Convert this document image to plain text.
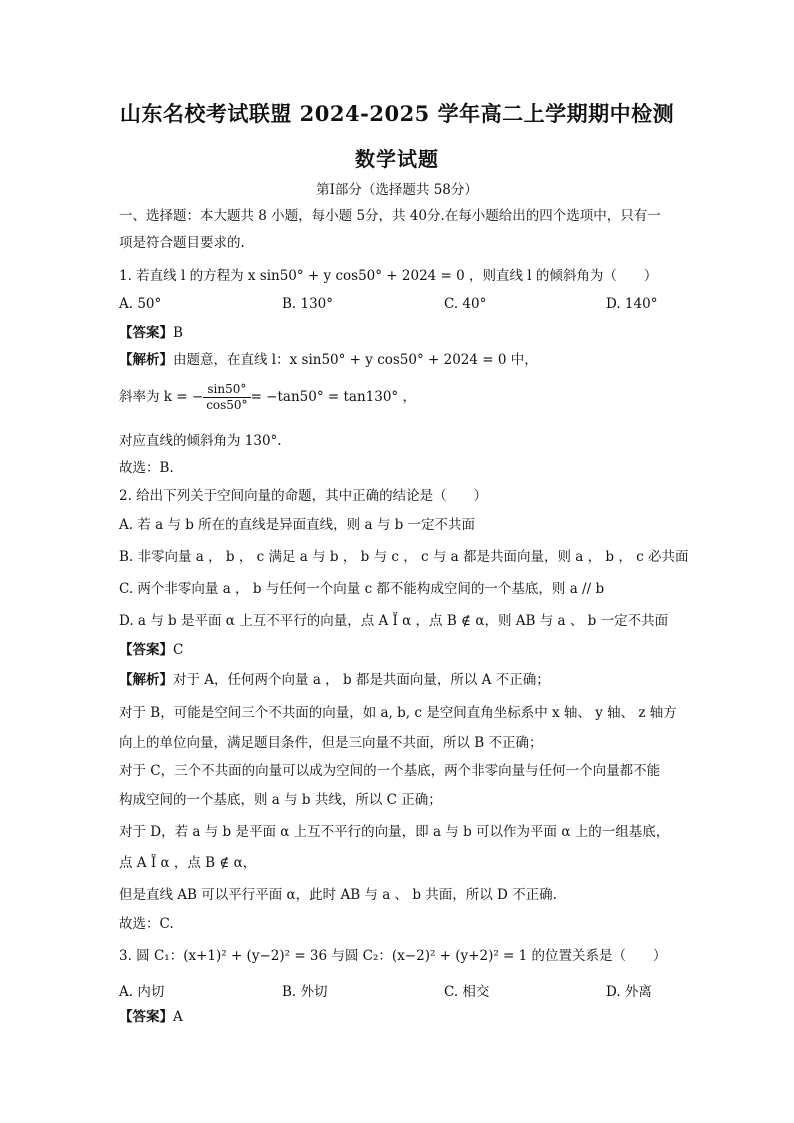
山东名校考试联盟 2024-2025 学年高二上学期期中检测
数学试题
第I部分（选择题共 58分）
一、选择题：本大题共 8 小题，每小题 5分，共 40分.在每小题给出的四个选项中，只有一
项是符合题目要求的.
1. 若直线 l 的方程为 x sin50° + y cos50° + 2024 = 0 ，则直线 l 的倾斜角为（　　）
A. 50°	B. 130°	C. 40°	D. 140°
【答案】B
【解析】由题意，在直线 l：x sin50° + y cos50° + 2024 = 0 中，
斜率为 k = − $\frac{\sin 50^\circ}{\cos 50^\circ} = -\tan 50^\circ = \tan 130^\circ$ ，
对应直线的倾斜角为 130°.
故选：B.
2. 给出下列关于空间向量的命题，其中正确的结论是（　　）
A. 若 a 与 b 所在的直线是异面直线，则 a 与 b 一定不共面
B. 非零向量 a ， b ， c 满足 a 与 b ， b 与 c ， c 与 a 都是共面向量，则 a ， b ， c 必共面
C. 两个非零向量 a ， b 与任何一个向量 c 都不能构成空间的一个基底，则 a // b
D. a 与 b 是平面 α 上互不平行的向量，点 A Ï α ，点 B ∉ α，则 AB 与 a 、 b 一定不共面
【答案】C
【解析】对于 A，任何两个向量 a ， b 都是共面向量，所以 A 不正确；
对于 B，可能是空间三个不共面的向量，如 a, b, c 是空间直角坐标系中 x 轴、 y 轴、 z 轴方
向上的单位向量，满足题目条件，但是三向量不共面，所以 B 不正确；
对于 C，三个不共面的向量可以成为空间的一个基底，两个非零向量与任何一个向量都不能
构成空间的一个基底，则 a 与 b 共线，所以 C 正确；
对于 D，若 a 与 b 是平面 α 上互不平行的向量，即 a 与 b 可以作为平面 α 上的一组基底，
点 A Ï α ，点 B ∉ α，
但是直线 AB 可以平行平面 α，此时 AB 与 a 、 b 共面，所以 D 不正确.
故选：C.
3. 圆 C₁：(x+1)² + (y−2)² = 36 与圆 C₂：(x−2)² + (y+2)² = 1 的位置关系是（　　）
A. 内切	B. 外切	C. 相交	D. 外离
【答案】A
